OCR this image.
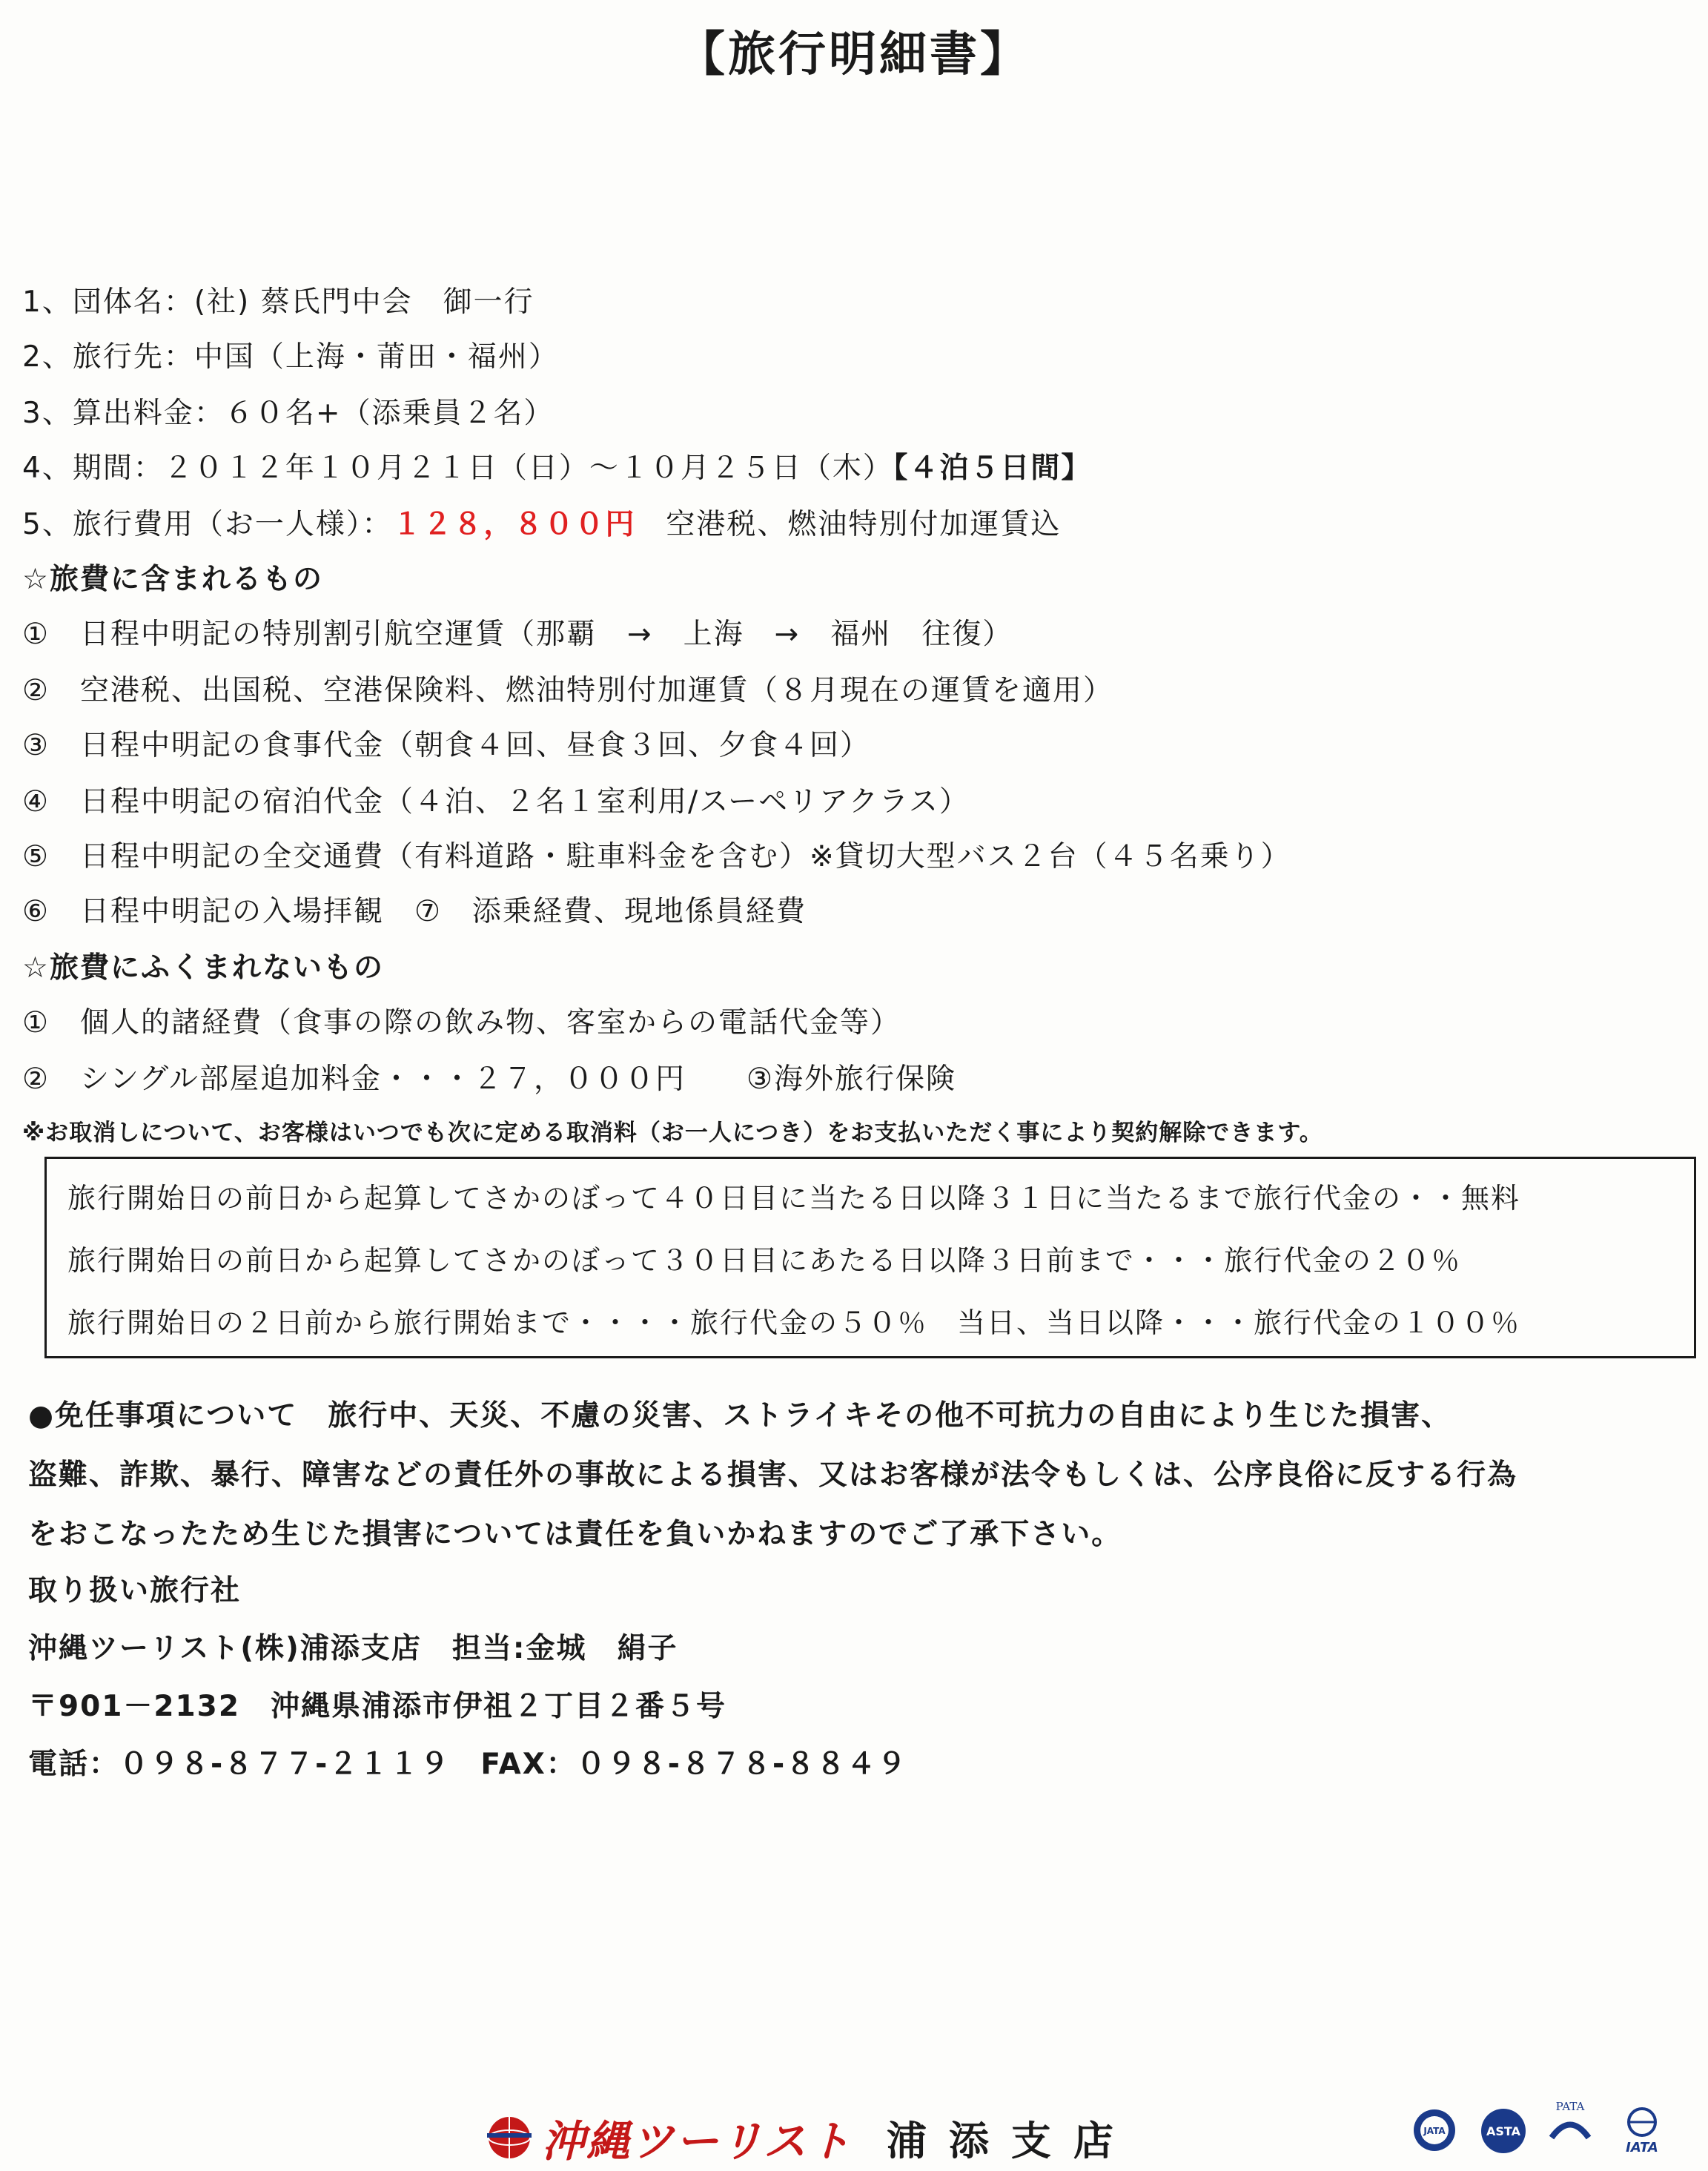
【旅行明細書】
1、団体名：(社) 蔡氏門中会　御一行
2、旅行先：中国（上海・莆田・福州）
3、算出料金：６０名+（添乗員２名）
4、期間：２０１２年１０月２１日（日）～１０月２５日（木）【４泊５日間】
5、旅行費用（お一人様）：１２８，８００円　空港税、燃油特別付加運賃込
☆旅費に含まれるもの
①　日程中明記の特別割引航空運賃（那覇　→　上海　→　福州　往復）
②　空港税、出国税、空港保険料、燃油特別付加運賃（８月現在の運賃を適用）
③　日程中明記の食事代金（朝食４回、昼食３回、夕食４回）
④　日程中明記の宿泊代金（４泊、２名１室利用/スーペリアクラス）
⑤　日程中明記の全交通費（有料道路・駐車料金を含む）※貸切大型バス２台（４５名乗り）
⑥　日程中明記の入場拝観　⑦　添乗経費、現地係員経費
☆旅費にふくまれないもの
①　個人的諸経費（食事の際の飲み物、客室からの電話代金等）
②　シングル部屋追加料金・・・２７，０００円　　③海外旅行保険
※お取消しについて、お客様はいつでも次に定める取消料（お一人につき）をお支払いただく事により契約解除できます。
旅行開始日の前日から起算してさかのぼって４０日目に当たる日以降３１日に当たるまで旅行代金の・・無料
旅行開始日の前日から起算してさかのぼって３０日目にあたる日以降３日前まで・・・旅行代金の２０％
旅行開始日の２日前から旅行開始まで・・・・旅行代金の５０％　当日、当日以降・・・旅行代金の１００％
●免任事項について　旅行中、天災、不慮の災害、ストライキその他不可抗力の自由により生じた損害、
盗難、詐欺、暴行、障害などの責任外の事故による損害、又はお客様が法令もしくは、公序良俗に反する行為
をおこなったため生じた損害については責任を負いかねますのでご了承下さい。
取り扱い旅行社
沖縄ツーリスト(株)浦添支店　担当:金城　絹子
〒901－2132　沖縄県浦添市伊祖２丁目２番５号
電話：０９８-８７７-２１１９　FAX：０９８-８７８-８８４９
沖縄ツーリスト 浦添支店	JATA	ASTA
PATA
IATA
